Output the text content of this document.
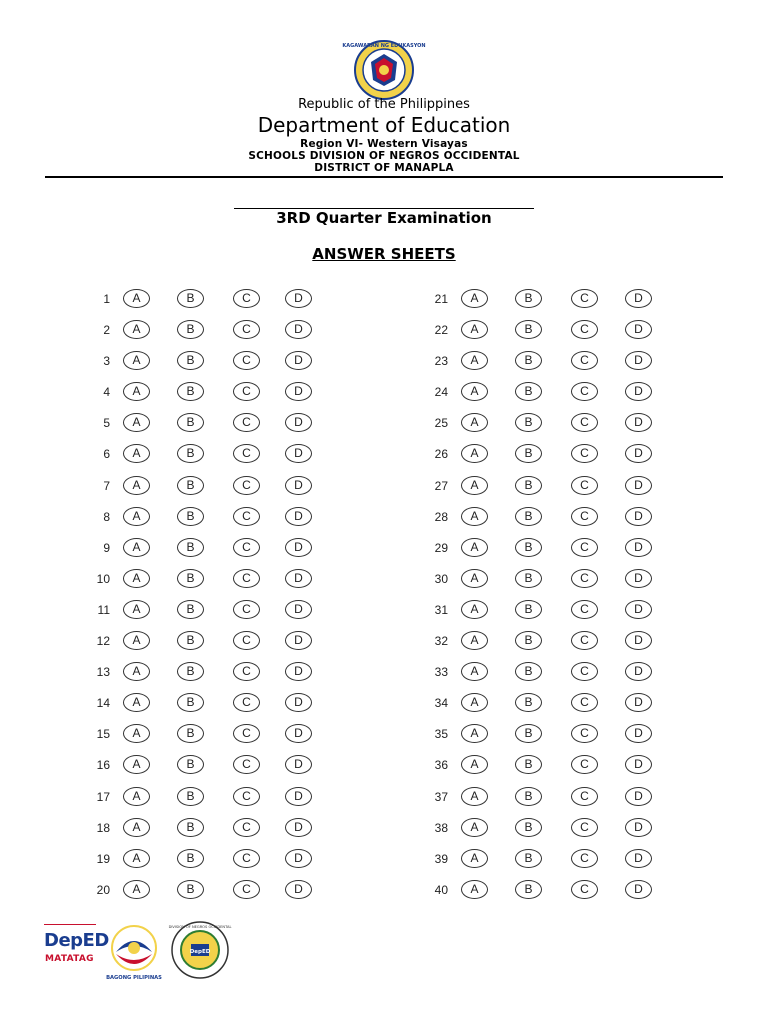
KAGAWARAN NG EDUKASYON
Republic of the Philippines
Department of Education
Region VI- Western Visayas
SCHOOLS DIVISION OF NEGROS OCCIDENTAL
DISTRICT OF MANAPLA
3RD Quarter Examination
ANSWER SHEETS
1	A	B	C	D
2	A	B	C	D
3	A	B	C	D
4	A	B	C	D
5	A	B	C	D
6	A	B	C	D
7	A	B	C	D
8	A	B	C	D
9	A	B	C	D
10	A	B	C	D
11	A	B	C	D
12	A	B	C	D
13	A	B	C	D
14	A	B	C	D
15	A	B	C	D
16	A	B	C	D
17	A	B	C	D
18	A	B	C	D
19	A	B	C	D
20	A	B	C	D
21	A	B	C	D
22	A	B	C	D
23	A	B	C	D
24	A	B	C	D
25	A	B	C	D
26	A	B	C	D
27	A	B	C	D
28	A	B	C	D
29	A	B	C	D
30	A	B	C	D
31	A	B	C	D
32	A	B	C	D
33	A	B	C	D
34	A	B	C	D
35	A	B	C	D
36	A	B	C	D
37	A	B	C	D
38	A	B	C	D
39	A	B	C	D
40	A	B	C	D
DepED
MATATAG
BAGONG PILIPINAS
DepED
DIVISION OF NEGROS OCCIDENTAL
